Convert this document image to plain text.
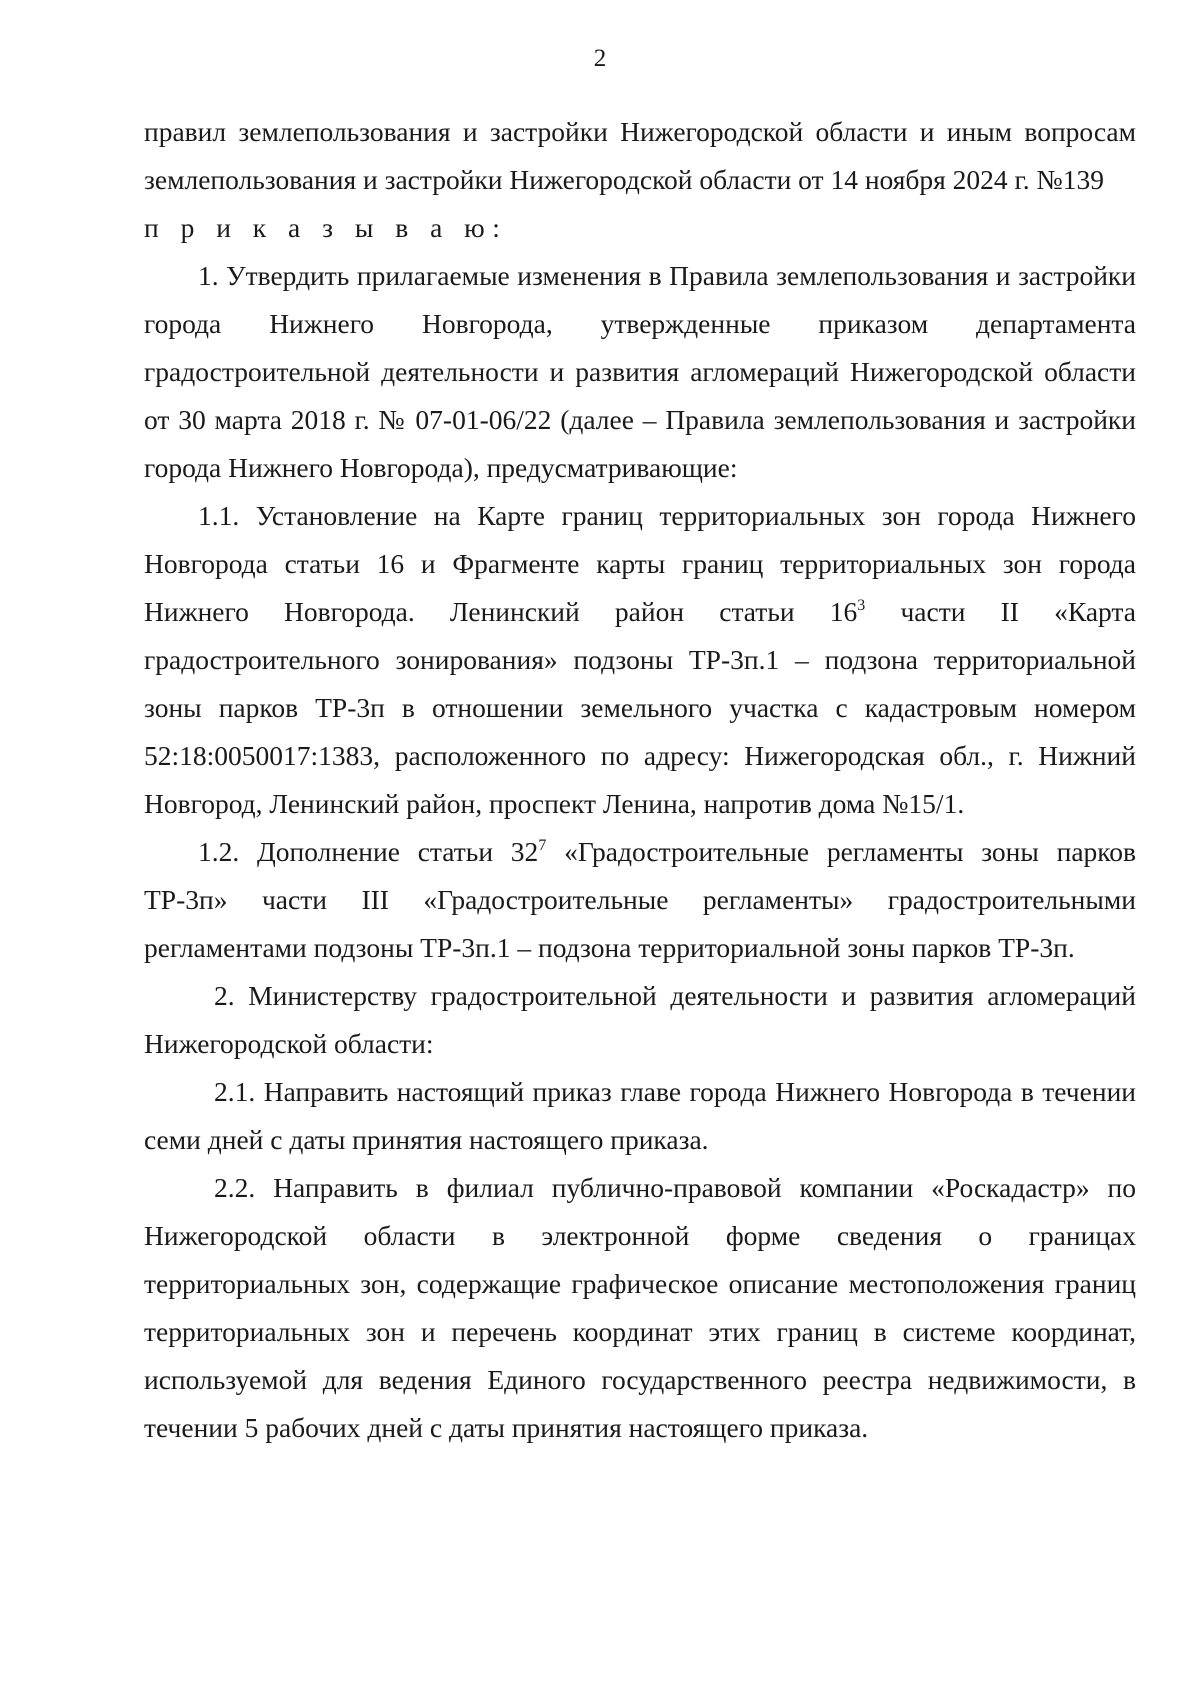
2

правил землепользования и застройки Нижегородской области и иным вопросам землепользования и застройки Нижегородской области от 14 ноября 2024 г. №139

п р и к а з ы в а ю:

1. Утвердить прилагаемые изменения в Правила землепользования и застройки города Нижнего Новгорода, утвержденные приказом департамента градостроительной деятельности и развития агломераций Нижегородской области от 30 марта 2018 г. № 07-01-06/22 (далее – Правила землепользования и застройки города Нижнего Новгорода), предусматривающие:

1.1. Установление на Карте границ территориальных зон города Нижнего Новгорода статьи 16 и Фрагменте карты границ территориальных зон города Нижнего Новгорода. Ленинский район статьи $16^3$ части II «Карта градостроительного зонирования» подзоны ТР-3п.1 – подзона территориальной зоны парков ТР-3п в отношении земельного участка с кадастровым номером 52:18:0050017:1383, расположенного по адресу: Нижегородская обл., г. Нижний Новгород, Ленинский район, проспект Ленина, напротив дома №15/1.

1.2. Дополнение статьи $32^7$ «Градостроительные регламенты зоны парков ТР-3п» части III «Градостроительные регламенты» градостроительными регламентами подзоны ТР-3п.1 – подзона территориальной зоны парков ТР-3п.

2. Министерству градостроительной деятельности и развития агломераций Нижегородской области:

2.1. Направить настоящий приказ главе города Нижнего Новгорода в течении семи дней с даты принятия настоящего приказа.

2.2. Направить в филиал публично-правовой компании «Роскадастр» по Нижегородской области в электронной форме сведения о границах территориальных зон, содержащие графическое описание местоположения границ территориальных зон и перечень координат этих границ в системе координат, используемой для ведения Единого государственного реестра недвижимости, в течении 5 рабочих дней с даты принятия настоящего приказа.
